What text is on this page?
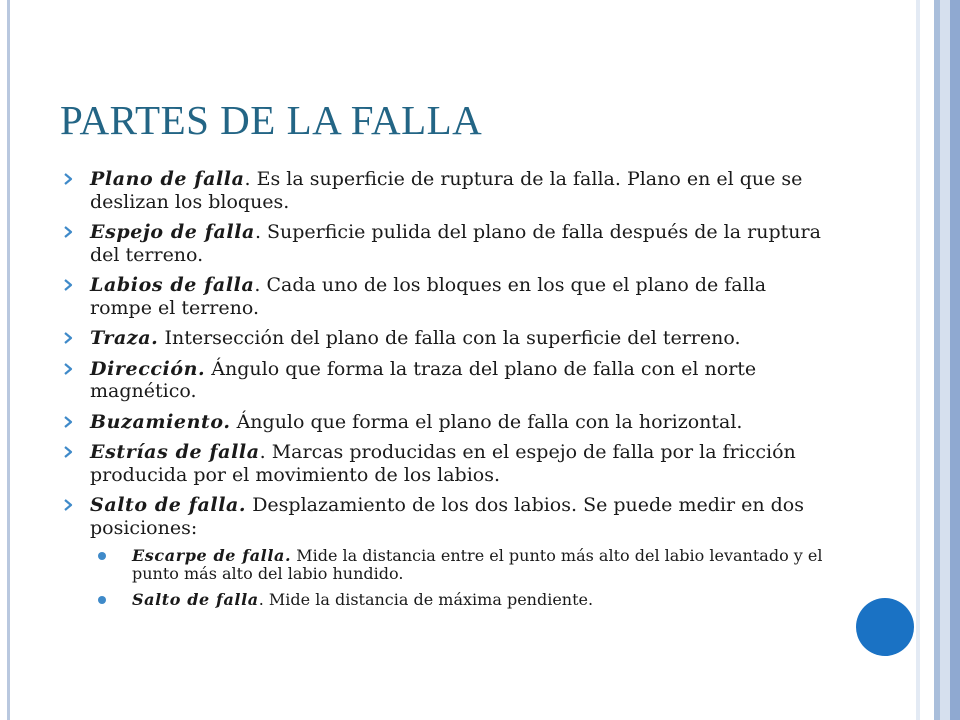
PARTES DE LA FALLA
Plano de falla. Es la superficie de ruptura de la falla. Plano en el que se deslizan los bloques.
Espejo de falla. Superficie pulida del plano de falla después de la ruptura del terreno.
Labios de falla. Cada uno de los bloques en los que el plano de falla rompe el terreno.
Traza. Intersección del plano de falla con la superficie del terreno.
Dirección. Ángulo que forma la traza del plano de falla con el norte magnético.
Buzamiento. Ángulo que forma el plano de falla con la horizontal.
Estrías de falla. Marcas producidas en el espejo de falla por la fricción producida por el movimiento de los labios.
Salto de falla. Desplazamiento de los dos labios. Se puede medir en dos posiciones:
Escarpe de falla. Mide la distancia entre el punto más alto del labio levantado y el punto más alto del labio hundido.
Salto de falla. Mide la distancia de máxima pendiente.
